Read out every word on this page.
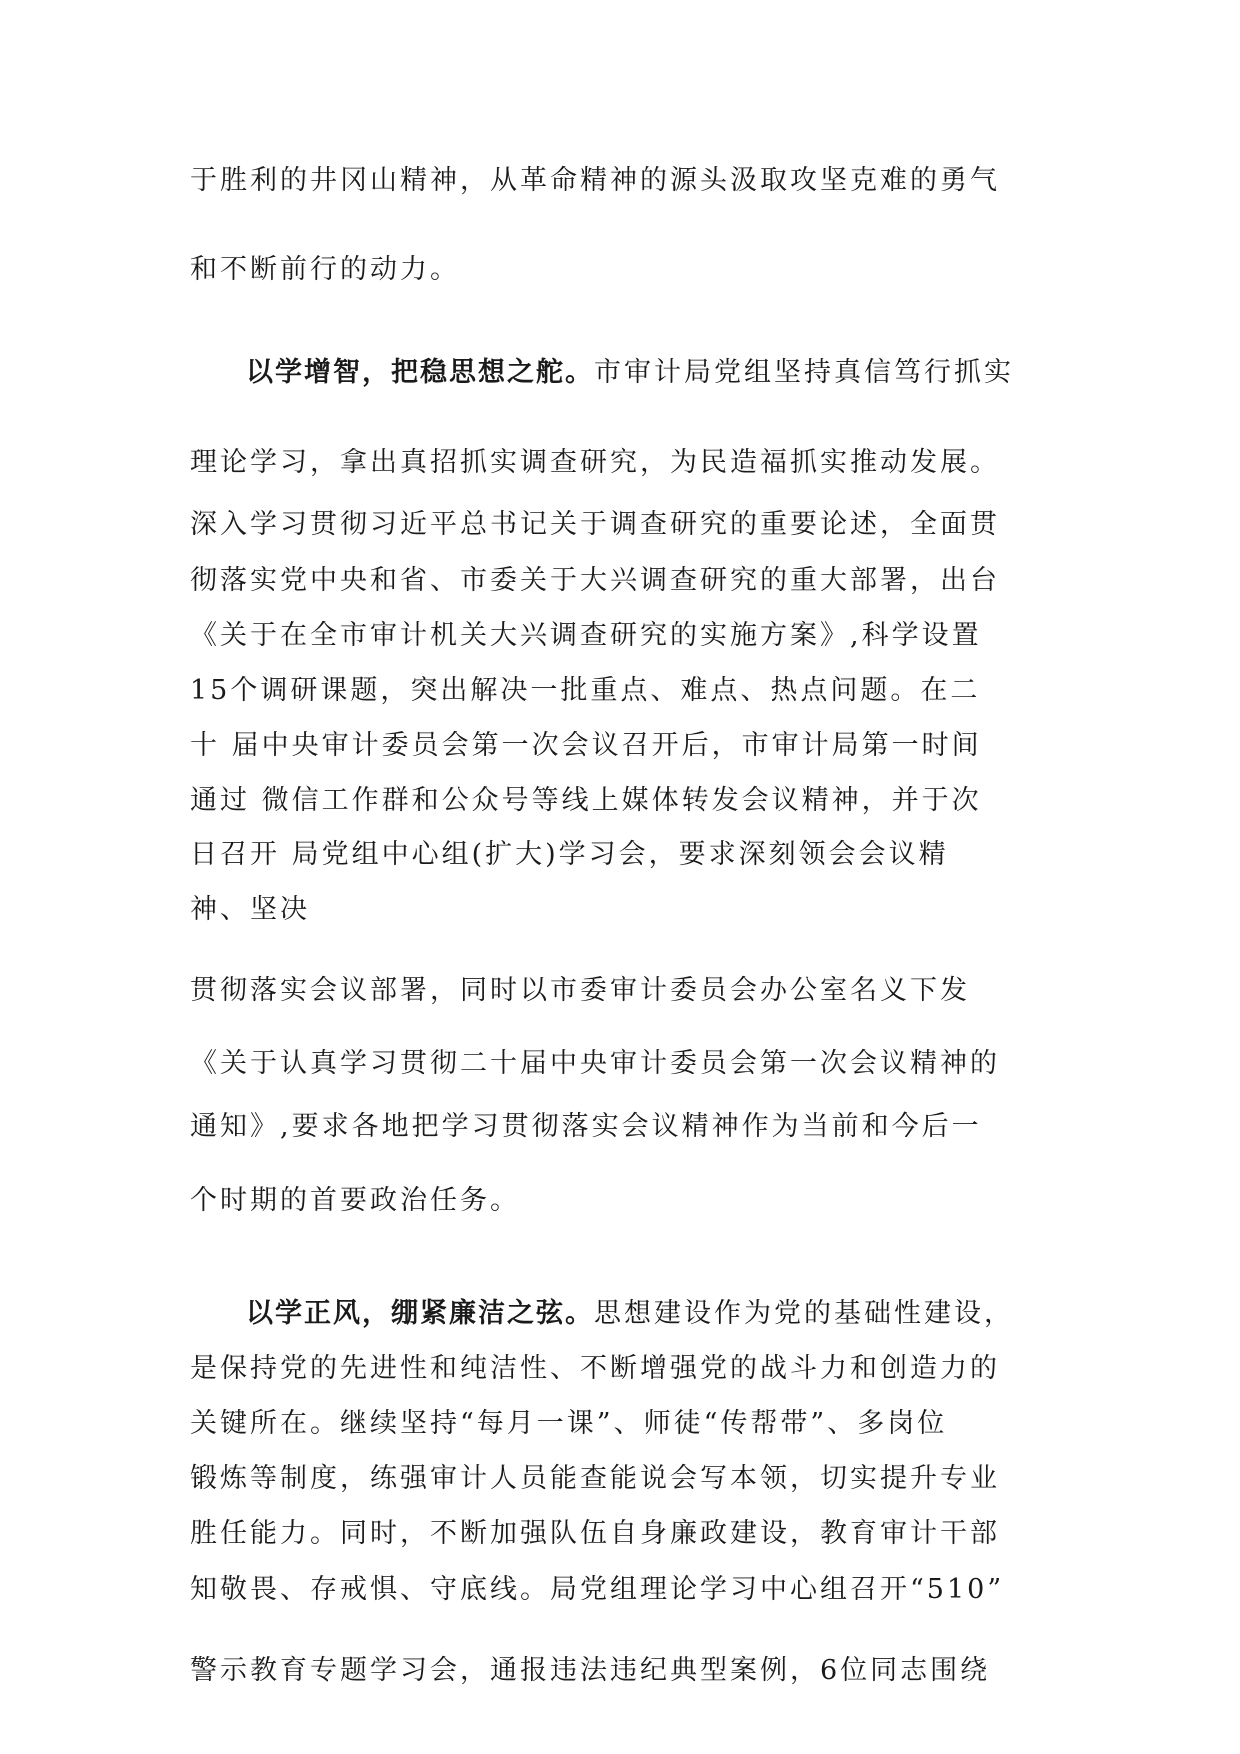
于胜利的井冈山精神，从革命精神的源头汲取攻坚克难的勇气
和不断前行的动力。
以学增智，把稳思想之舵。市审计局党组坚持真信笃行抓实
理论学习，拿出真招抓实调查研究，为民造福抓实推动发展。
深入学习贯彻习近平总书记关于调查研究的重要论述，全面贯
彻落实党中央和省、市委关于大兴调查研究的重大部署，出台
《关于在全市审计机关大兴调查研究的实施方案》,科学设置
15个调研课题，突出解决一批重点、难点、热点问题。在二
十 届中央审计委员会第一次会议召开后，市审计局第一时间
通过 微信工作群和公众号等线上媒体转发会议精神，并于次
日召开 局党组中心组(扩大)学习会，要求深刻领会会议精
神、坚决
贯彻落实会议部署，同时以市委审计委员会办公室名义下发
《关于认真学习贯彻二十届中央审计委员会第一次会议精神的
通知》,要求各地把学习贯彻落实会议精神作为当前和今后一
个时期的首要政治任务。
以学正风，绷紧廉洁之弦。思想建设作为党的基础性建设，
是保持党的先进性和纯洁性、不断增强党的战斗力和创造力的
关键所在。继续坚持“每月一课”、师徒“传帮带”、多岗位
锻炼等制度，练强审计人员能查能说会写本领，切实提升专业
胜任能力。同时，不断加强队伍自身廉政建设，教育审计干部
知敬畏、存戒惧、守底线。局党组理论学习中心组召开“510”
警示教育专题学习会，通报违法违纪典型案例，6位同志围绕
